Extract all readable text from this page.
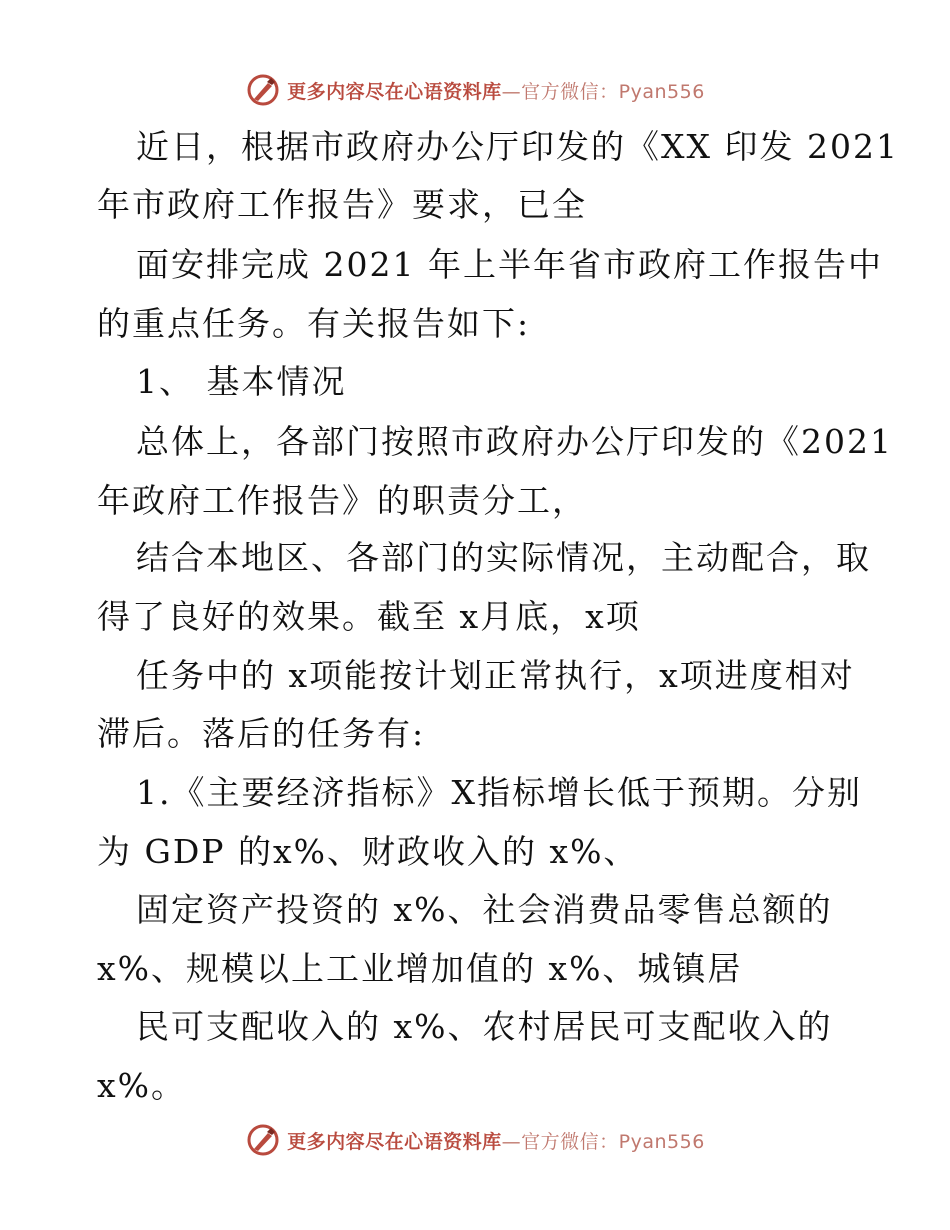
更多内容尽在心语资料库—官方微信：Pyan556
近日，根据市政府办公厅印发的《XX 印发 2021
年市政府工作报告》要求，已全
面安排完成 2021 年上半年省市政府工作报告中
的重点任务。有关报告如下:
1、 基本情况
总体上，各部门按照市政府办公厅印发的《2021
年政府工作报告》的职责分工，
结合本地区、各部门的实际情况，主动配合，取
得了良好的效果。截至 x月底，x项
任务中的 x项能按计划正常执行，x项进度相对
滞后。落后的任务有:
1.《主要经济指标》X指标增长低于预期。分别
为 GDP 的x%、财政收入的 x%、
固定资产投资的 x%、社会消费品零售总额的
x%、规模以上工业增加值的 x%、城镇居
民可支配收入的 x%、农村居民可支配收入的
x%。
更多内容尽在心语资料库—官方微信：Pyan556
